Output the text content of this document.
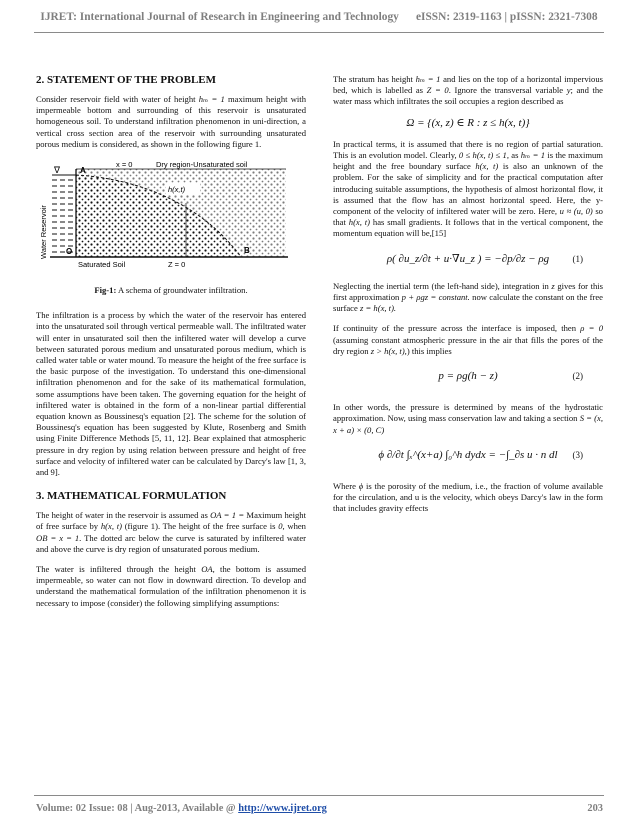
IJRET: International Journal of Research in Engineering and Technology eISSN: 2319-1163 | pISSN: 2321-7308
2. STATEMENT OF THE PROBLEM

Consider reservoir field with water of height hₘ = 1 maximum height with impermeable bottom and surrounding of this reservoir is unsaturated homogeneous soil. To understand infiltration phenomenon in uni-direction, a vertical cross section area of the reservoir with surrounding unsaturated porous medium is considered, as shown in the following figure 1.

Water Reservoir
∇
h(x,t)
x = 0	Dry region-Unsaturated soil
A
O	B
Saturated Soil	Z = 0
Fig-1: A schema of groundwater infiltration.

The infiltration is a process by which the water of the reservoir has entered into the unsaturated soil through vertical permeable wall. The infiltrated water will enter in unsaturated soil then the infiltered water will develop a curve between saturated porous medium and unsaturated porous medium, which is called water table or water mound. To measure the height of the free surface is the basic purpose of the investigation. To understand this one-dimensional infiltration phenomenon and for the sake of its mathematical formulation, some assumptions have been taken. The governing equation for the height of infiltered water is obtained in the form of a non-linear partial differential equation known as Boussinesq's equation [2]. The scheme for the solution of Boussinesq's equation has been suggested by Klute, Rosenberg and Smith using Finite Difference Methods [5, 11, 12]. Bear explained that atmospheric pressure in dry region by using relation between pressure and height of free surface and velocity of infiltered water can be calculated by Darcy's law [1, 3, and 9].

3. MATHEMATICAL FORMULATION

The height of water in the reservoir is assumed as OA = 1 = Maximum height of free surface by h(x, t) (figure 1). The height of the free surface is 0, when OB = x = 1. The dotted arc below the curve is saturated by infiltered water and above the curve is dry region of unsaturated porous medium.

The water is infiltered through the height OA, the bottom is assumed impermeable, so water can not flow in downward direction. To develop and understand the mathematical formulation of the infiltration phenomenon it is necessary to impose (consider) the following simplifying assumptions:

The stratum has height hₘ = 1 and lies on the top of a horizontal impervious bed, which is labelled as Z = 0. Ignore the transversal variable y; and the water mass which infiltrates the soil occupies a region described as

Ω = {(x, z) ∈ R : z ≤ h(x, t)}

In practical terms, it is assumed that there is no region of partial saturation. This is an evolution model. Clearly, 0 ≤ h(x, t) ≤ 1, as hₘ = 1 is the maximum height and the free boundary surface h(x, t) is also an unknown of the problem. For the sake of simplicity and for the practical computation after introducing suitable assumptions, the hypothesis of almost horizontal flow, it is assumed that the flow has an almost horizontal speed. Here, the y-component of the velocity of infiltered water will be zero. Here, u ≈ (u, 0) so that h(x, t) has small gradients. It follows that in the vertical component, the momentum equation will be,[15]

ρ( ∂u_z/∂t + u·∇u_z ) = −∂p/∂z − ρg	(1)

Neglecting the inertial term (the left-hand side), integration in z gives for this first approximation p + ρgz = constant. now calculate the constant on the free surface z = h(x, t).

If continuity of the pressure across the interface is imposed, then ρ = 0 (assuming constant atmospheric pressure in the air that fills the pores of the dry region z > h(x, t),) this implies

p = ρg(h − z)	(2)

In other words, the pressure is determined by means of the hydrostatic approximation. Now, using mass conservation law and taking a section S = (x, x + a) × (0, C)

ϕ ∂/∂t ∫ₓ^(x+a) ∫₀^h dydx = −∫_∂s u · n dl (3)

Where ϕ is the porosity of the medium, i.e., the fraction of volume available for the circulation, and u is the velocity, which obeys Darcy's law in the form that includes gravity effects

Volume: 02 Issue: 08 | Aug-2013, Available @ http://www.ijret.org	203
